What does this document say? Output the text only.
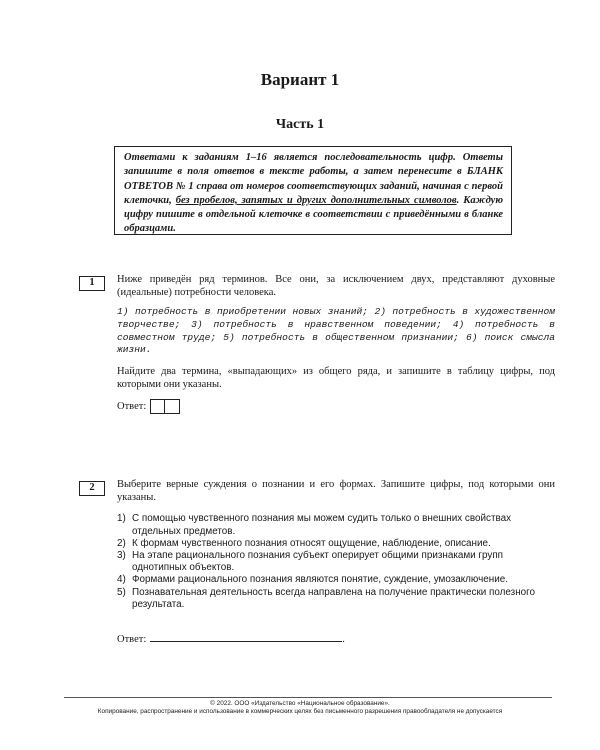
Вариант 1
Часть 1
Ответами к заданиям 1–16 является последовательность цифр. Ответы запишите в поля ответов в тексте работы, а затем перенесите в БЛАНК ОТВЕТОВ № 1 справа от номеров соответствующих заданий, начиная с первой клеточки, без пробелов, запятых и других дополнительных символов. Каждую цифру пишите в отдельной клеточке в соответствии с приведёнными в бланке образцами.
1	Ниже приведён ряд терминов. Все они, за исключением двух, представляют духовные (идеальные) потребности человека.

1) потребность в приобретении новых знаний; 2) потребность в художественном творчестве; 3) потребность в нравственном поведении; 4) потребность в совместном труде; 5) потребность в общественном признании; 6) поиск смысла жизни.

Найдите два термина, «выпадающих» из общего ряда, и запишите в таблицу цифры, под которыми они указаны.

Ответ:
2	Выберите верные суждения о познании и его формах. Запишите цифры, под которыми они указаны.

1) С помощью чувственного познания мы можем судить только о внешних свойствах отдельных предметов.
2) К формам чувственного познания относят ощущение, наблюдение, описание.
3) На этапе рационального познания субъект оперирует общими признаками групп однотипных объектов.
4) Формами рационального познания являются понятие, суждение, умозаключение.
5) Познавательная деятельность всегда направлена на получение практически полезного результата.
Ответ:	.
© 2022. ООО «Издательство «Национальное образование».
Копирование, распространение и использование в коммерческих целях без письменного разрешения правообладателя не допускается
